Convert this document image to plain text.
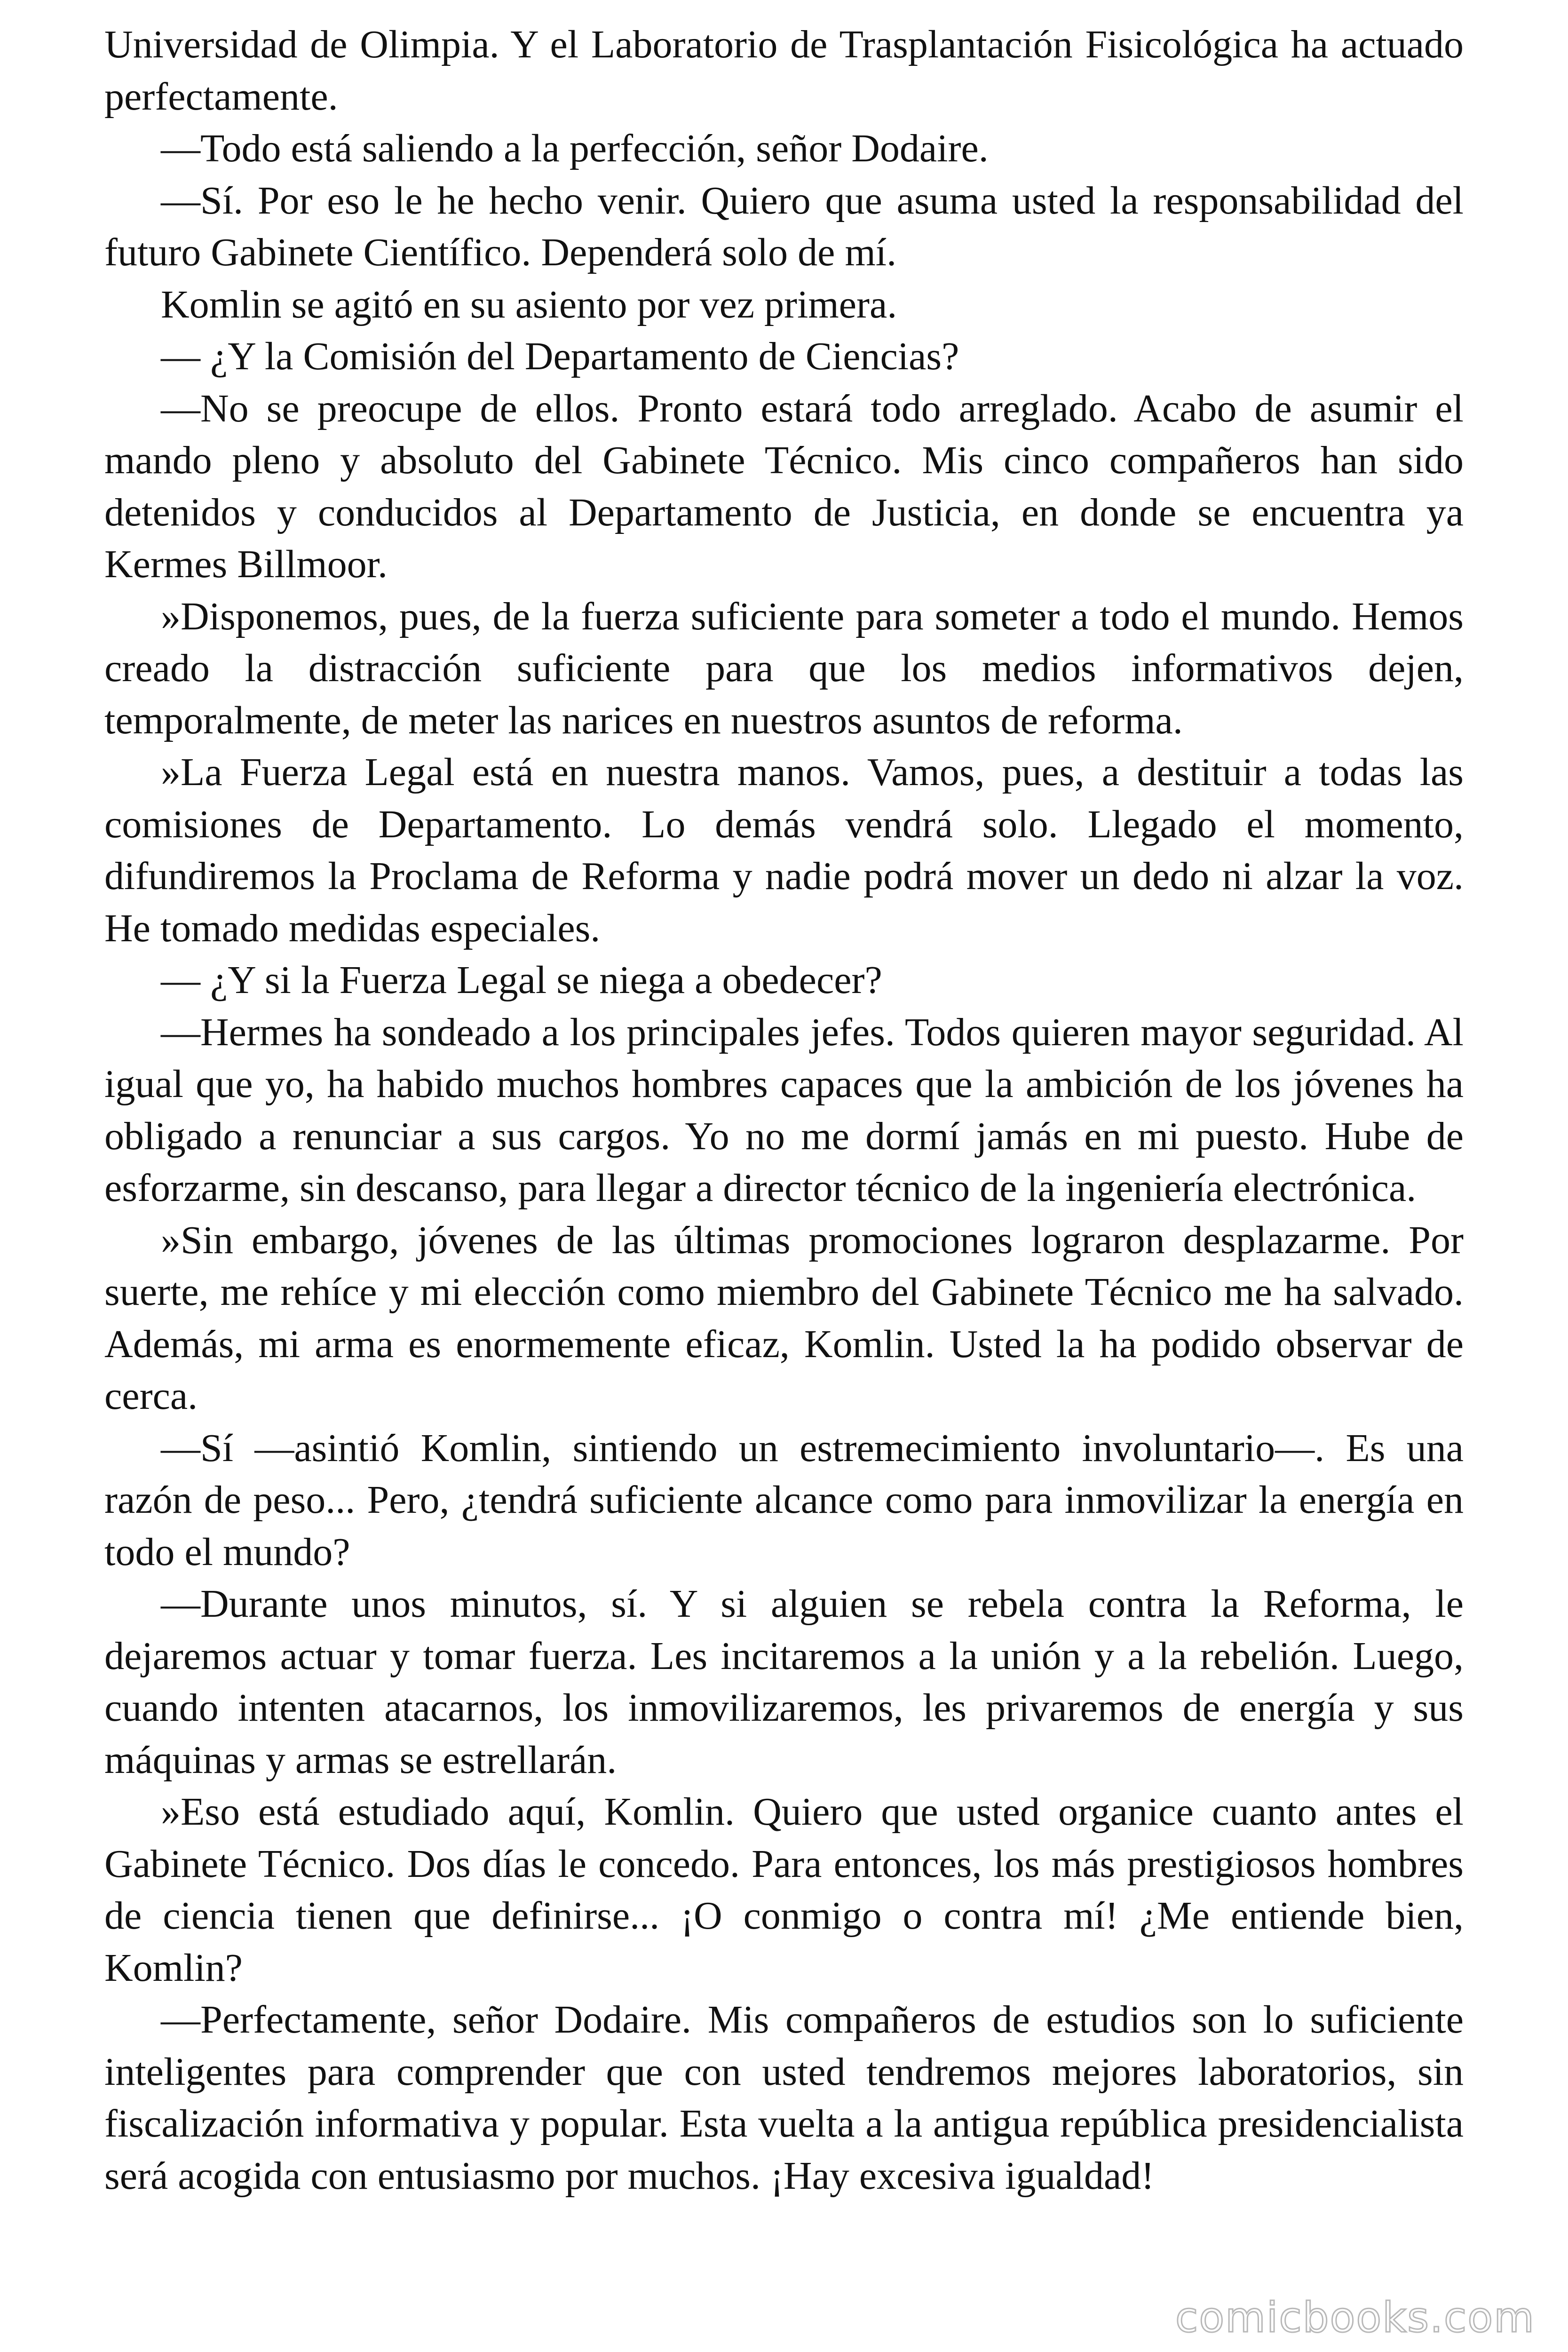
Universidad de Olimpia. Y el Laboratorio de Trasplantación Fisicológica ha actuado perfectamente.

—Todo está saliendo a la perfección, señor Dodaire.

—Sí. Por eso le he hecho venir. Quiero que asuma usted la responsabilidad del futuro Gabinete Científico. Dependerá solo de mí.

Komlin se agitó en su asiento por vez primera.

— ¿Y la Comisión del Departamento de Ciencias?

—No se preocupe de ellos. Pronto estará todo arreglado. Acabo de asumir el mando pleno y absoluto del Gabinete Técnico. Mis cinco compañeros han sido detenidos y conducidos al Departamento de Justicia, en donde se encuentra ya Kermes Billmoor.

»Disponemos, pues, de la fuerza suficiente para someter a todo el mundo. Hemos creado la distracción suficiente para que los medios informativos dejen, temporalmente, de meter las narices en nuestros asuntos de reforma.

»La Fuerza Legal está en nuestra manos. Vamos, pues, a destituir a todas las comisiones de Departamento. Lo demás vendrá solo. Llegado el momento, difundiremos la Proclama de Reforma y nadie podrá mover un dedo ni alzar la voz. He tomado medidas especiales.

— ¿Y si la Fuerza Legal se niega a obedecer?

—Hermes ha sondeado a los principales jefes. Todos quieren mayor seguridad. Al igual que yo, ha habido muchos hombres capaces que la ambición de los jóvenes ha obligado a renunciar a sus cargos. Yo no me dormí jamás en mi puesto. Hube de esforzarme, sin descanso, para llegar a director técnico de la ingeniería electrónica.

»Sin embargo, jóvenes de las últimas promociones lograron desplazarme. Por suerte, me rehíce y mi elección como miembro del Gabinete Técnico me ha salvado. Además, mi arma es enormemente eficaz, Komlin. Usted la ha podido observar de cerca.

—Sí —asintió Komlin, sintiendo un estremecimiento involuntario—. Es una razón de peso... Pero, ¿tendrá suficiente alcance como para inmovilizar la energía en todo el mundo?

—Durante unos minutos, sí. Y si alguien se rebela contra la Reforma, le dejaremos actuar y tomar fuerza. Les incitaremos a la unión y a la rebelión. Luego, cuando intenten atacarnos, los inmovilizaremos, les privaremos de energía y sus máquinas y armas se estrellarán.

»Eso está estudiado aquí, Komlin. Quiero que usted organice cuanto antes el Gabinete Técnico. Dos días le concedo. Para entonces, los más prestigiosos hombres de ciencia tienen que definirse... ¡O conmigo o contra mí! ¿Me entiende bien, Komlin?

—Perfectamente, señor Dodaire. Mis compañeros de estudios son lo suficiente inteligentes para comprender que con usted tendremos mejores laboratorios, sin fiscalización informativa y popular. Esta vuelta a la antigua república presidencialista será acogida con entusiasmo por muchos. ¡Hay excesiva igualdad!

comicbooks.com
